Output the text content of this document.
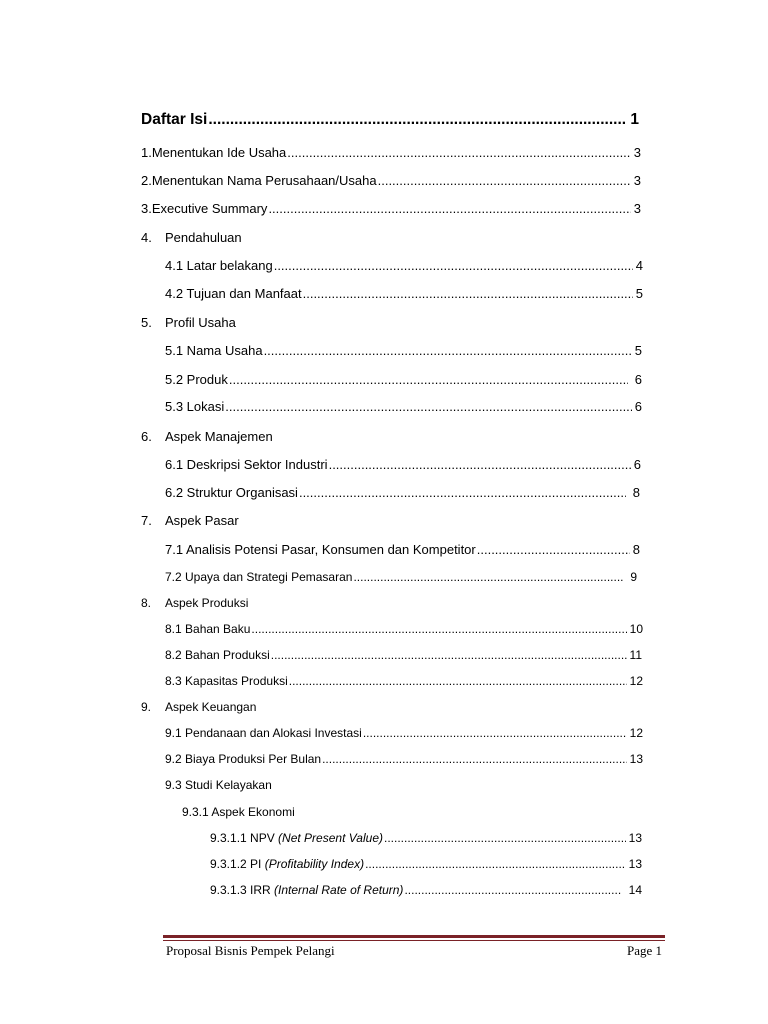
Daftar Isi .....	1
1. Menentukan Ide Usaha .....	3
2. Menentukan Nama Perusahaan/Usaha .....	3
3. Executive Summary .....	3
4.	Pendahuluan
4.1 Latar belakang .....	4
4.2 Tujuan dan Manfaat .....	5
5.	Profil Usaha
5.1 Nama Usaha .....	5
5.2 Produk .....	6
5.3 Lokasi .....	6
6.	Aspek Manajemen
6.1 Deskripsi Sektor Industri .....	6
6.2 Struktur Organisasi .....	8
7.	Aspek Pasar
7.1 Analisis Potensi Pasar, Konsumen dan Kompetitor .....	8
7.2 Upaya dan Strategi Pemasaran .....	9
8.	Aspek Produksi
8.1 Bahan Baku .....	10
8.2 Bahan Produksi .....	11
8.3 Kapasitas Produksi .....	12
9.	Aspek Keuangan
9.1 Pendanaan dan Alokasi Investasi .....	12
9.2 Biaya Produksi Per Bulan .....	13
9.3 Studi Kelayakan
9.3.1 Aspek Ekonomi
9.3.1.1 NPV (Net Present Value) .....	13
9.3.1.2 PI (Profitability Index) .....	13
9.3.1.3 IRR (Internal Rate of Return) .....	14
Proposal Bisnis Pempek Pelangi	Page 1
